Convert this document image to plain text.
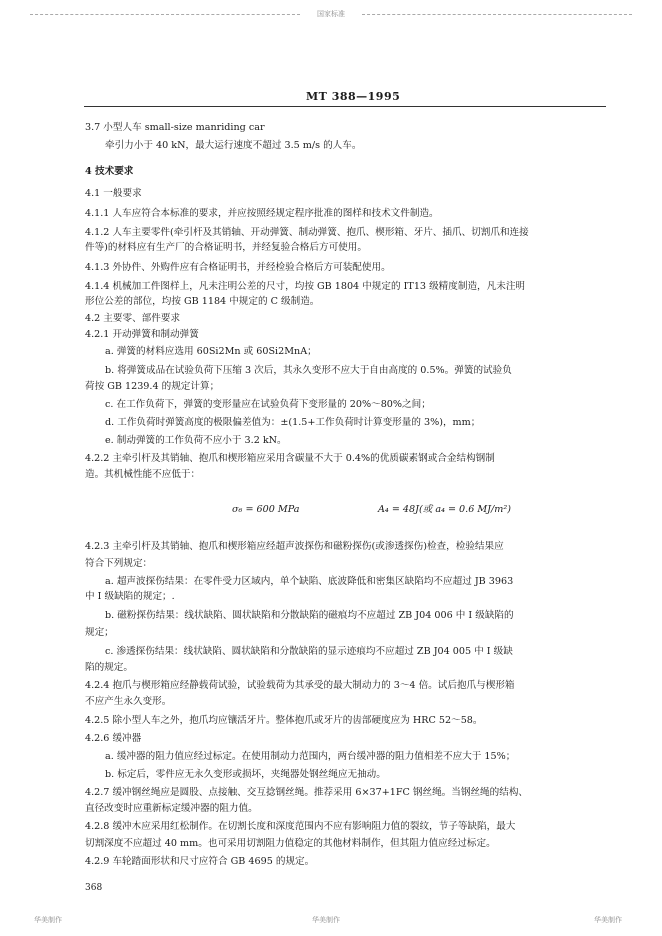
国家标准
MT 388—1995
3.7 小型人车 small-size manriding car
牵引力小于 40 kN，最大运行速度不超过 3.5 m/s 的人车。
4 技术要求
4.1 一般要求
4.1.1 人车应符合本标准的要求，并应按照经规定程序批准的图样和技术文件制造。
4.1.2 人车主要零件(牵引杆及其销轴、开动弹簧、制动弹簧、抱爪、楔形箱、牙片、插爪、切割爪和连接
件等)的材料应有生产厂的合格证明书，并经复验合格后方可使用。
4.1.3 外协件、外购件应有合格证明书，并经检验合格后方可装配使用。
4.1.4 机械加工件图样上，凡未注明公差的尺寸，均按 GB 1804 中规定的 IT13 级精度制造，凡未注明
形位公差的部位，均按 GB 1184 中规定的 C 级制造。
4.2 主要零、部件要求
4.2.1 开动弹簧和制动弹簧
a. 弹簧的材料应选用 60Si2Mn 或 60Si2MnA；
b. 将弹簧成品在试验负荷下压缩 3 次后，其永久变形不应大于自由高度的 0.5%。弹簧的试验负
荷按 GB 1239.4 的规定计算；
c. 在工作负荷下，弹簧的变形量应在试验负荷下变形量的 20%～80%之间；
d. 工作负荷时弹簧高度的极限偏差值为：±(1.5+工作负荷时计算变形量的 3%)，mm；
e. 制动弹簧的工作负荷不应小于 3.2 kN。
4.2.2 主牵引杆及其销轴、抱爪和楔形箱应采用含碳量不大于 0.4%的优质碳素钢或合金结构钢制
造。其机械性能不应低于：
σ₆ = 600 MPa	A₄ = 48J(或 a₄ = 0.6 MJ/m²)
4.2.3 主牵引杆及其销轴、抱爪和楔形箱应经超声波探伤和磁粉探伤(或渗透探伤)检查，检验结果应
符合下列规定：
a. 超声波探伤结果：在零件受力区域内，单个缺陷、底波降低和密集区缺陷均不应超过 JB 3963
中 I 级缺陷的规定；.
b. 磁粉探伤结果：线状缺陷、圆状缺陷和分散缺陷的磁痕均不应超过 ZB J04 006 中 I 级缺陷的
规定；
c. 渗透探伤结果：线状缺陷、圆状缺陷和分散缺陷的显示迹痕均不应超过 ZB J04 005 中 I 级缺
陷的规定。
4.2.4 抱爪与楔形箱应经静载荷试验，试验载荷为其承受的最大制动力的 3～4 倍。试后抱爪与楔形箱
不应产生永久变形。
4.2.5 除小型人车之外，抱爪均应镶活牙片。整体抱爪或牙片的齿部硬度应为 HRC 52～58。
4.2.6 缓冲器
a. 缓冲器的阻力值应经过标定。在使用制动力范围内，两台缓冲器的阻力值相差不应大于 15%；
b. 标定后，零件应无永久变形或损坏，夹绳器处钢丝绳应无抽动。
4.2.7 缓冲钢丝绳应是圆股、点接触、交互捻钢丝绳。推荐采用 6×37+1FC 钢丝绳。当钢丝绳的结构、
直径改变时应重新标定缓冲器的阻力值。
4.2.8 缓冲木应采用红松制作。在切割长度和深度范围内不应有影响阻力值的裂纹，节子等缺陷，最大
切割深度不应超过 40 mm。也可采用切割阻力值稳定的其他材料制作，但其阻力值应经过标定。
4.2.9 车轮踏面形状和尺寸应符合 GB 4695 的规定。
368
华美制作	华美制作	华美制作
